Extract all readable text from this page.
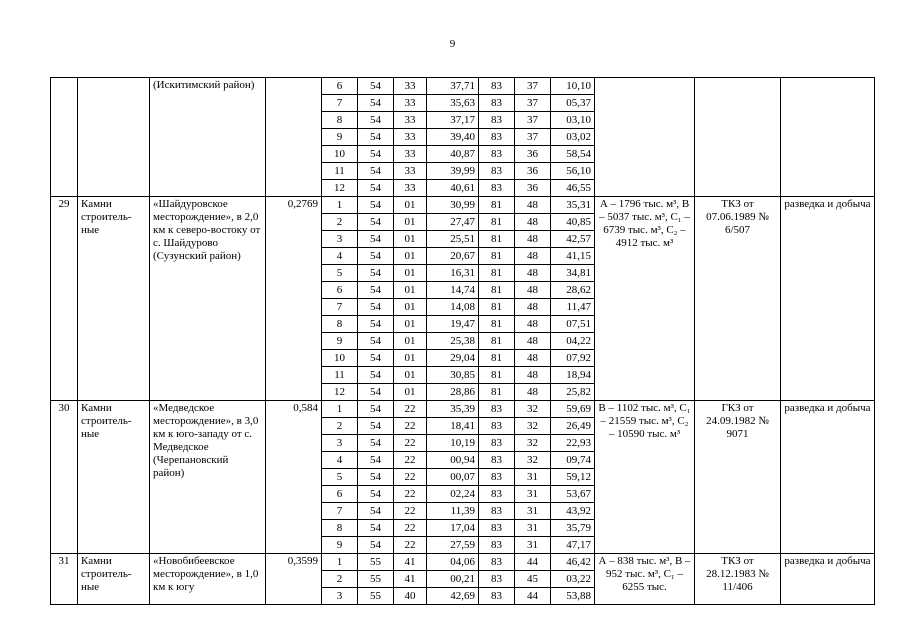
9
		(Искитимский район)		6	54	33	37,71	83	37	10,10			
				7	54	33	35,63	83	37	05,37			
				8	54	33	37,17	83	37	03,10			
				9	54	33	39,40	83	37	03,02			
				10	54	33	40,87	83	36	58,54			
				11	54	33	39,99	83	36	56,10			
				12	54	33	40,61	83	36	46,55			
29	Камни строитель-ные	«Шайдуровское месторождение», в 2,0 км к северо-востоку от с. Шайдурово (Сузунский район)	0,2769	1	54	01	30,99	81	48	35,31	А – 1796 тыс. м³, В – 5037 тыс. м³, С₁ – 6739 тыс. м³, С₂ – 4912 тыс. м³	ТКЗ от 07.06.1989 № 6/507	разведка и добыча
				2	54	01	27,47	81	48	40,85			
				3	54	01	25,51	81	48	42,57			
				4	54	01	20,67	81	48	41,15			
				5	54	01	16,31	81	48	34,81			
				6	54	01	14,74	81	48	28,62			
				7	54	01	14,08	81	48	11,47			
				8	54	01	19,47	81	48	07,51			
				9	54	01	25,38	81	48	04,22			
				10	54	01	29,04	81	48	07,92			
				11	54	01	30,85	81	48	18,94			
				12	54	01	28,86	81	48	25,82			
30	Камни строитель-ные	«Медведское месторождение», в 3,0 км к юго-западу от с. Медведское (Черепановский район)	0,584	1	54	22	35,39	83	32	59,69	В – 1102 тыс. м³, С₁ – 21559 тыс. м³, С₂ – 10590 тыс. м³	ГКЗ от 24.09.1982 № 9071	разведка и добыча
				2	54	22	18,41	83	32	26,49			
				3	54	22	10,19	83	32	22,93			
				4	54	22	00,94	83	32	09,74			
				5	54	22	00,07	83	31	59,12			
				6	54	22	02,24	83	31	53,67			
				7	54	22	11,39	83	31	43,92			
				8	54	22	17,04	83	31	35,79			
				9	54	22	27,59	83	31	47,17			
31	Камни строитель-ные	«Новобибеевское месторождение», в 1,0 км к югу	0,3599	1	55	41	04,06	83	44	46,42	А – 838 тыс. м³, В – 952 тыс. м³, С₁ – 6255 тыс.	ТКЗ от 28.12.1983 № 11/406	разведка и добыча
				2	55	41	00,21	83	45	03,22			
				3	55	40	42,69	83	44	53,88			
